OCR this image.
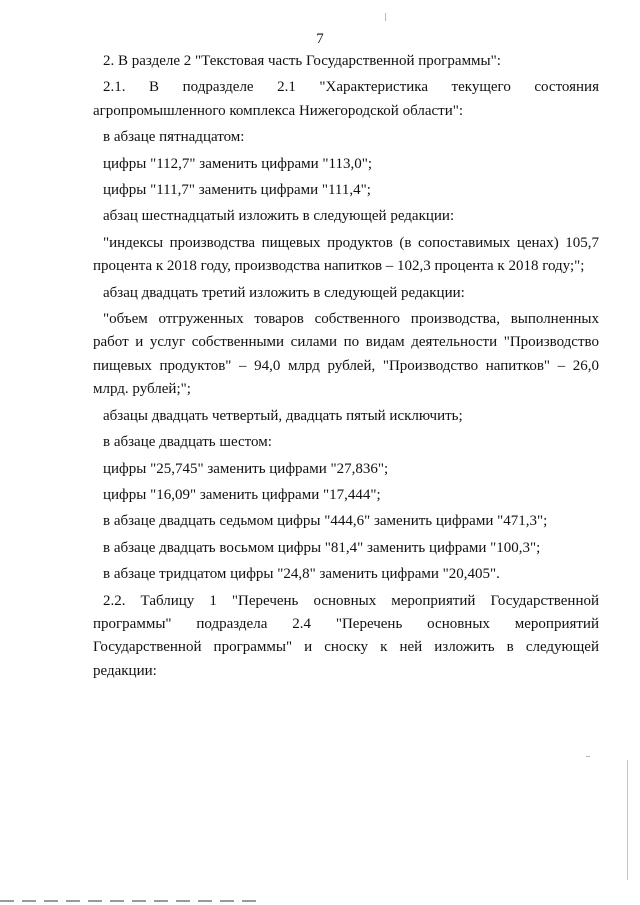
7

2. В разделе 2 "Текстовая часть Государственной программы":

2.1. В подразделе 2.1 "Характеристика текущего состояния агропромышленного комплекса Нижегородской области":

в абзаце пятнадцатом:

цифры "112,7" заменить цифрами "113,0";

цифры "111,7" заменить цифрами "111,4";

абзац шестнадцатый изложить в следующей редакции:

"индексы производства пищевых продуктов (в сопоставимых ценах) 105,7 процента к 2018 году, производства напитков – 102,3 процента к 2018 году;";

абзац двадцать третий изложить в следующей редакции:

"объем отгруженных товаров собственного производства, выполненных работ и услуг собственными силами по видам деятельности "Производство пищевых продуктов" – 94,0 млрд рублей, "Производство напитков" – 26,0 млрд. рублей;";

абзацы двадцать четвертый, двадцать пятый исключить;

в абзаце двадцать шестом:

цифры "25,745" заменить цифрами "27,836";

цифры "16,09" заменить цифрами "17,444";

в абзаце двадцать седьмом цифры "444,6" заменить цифрами "471,3";

в абзаце двадцать восьмом цифры "81,4" заменить цифрами "100,3";

в абзаце тридцатом цифры "24,8" заменить цифрами "20,405".

2.2. Таблицу 1 "Перечень основных мероприятий Государственной программы" подраздела 2.4 "Перечень основных мероприятий Государственной программы" и сноску к ней изложить в следующей редакции:
